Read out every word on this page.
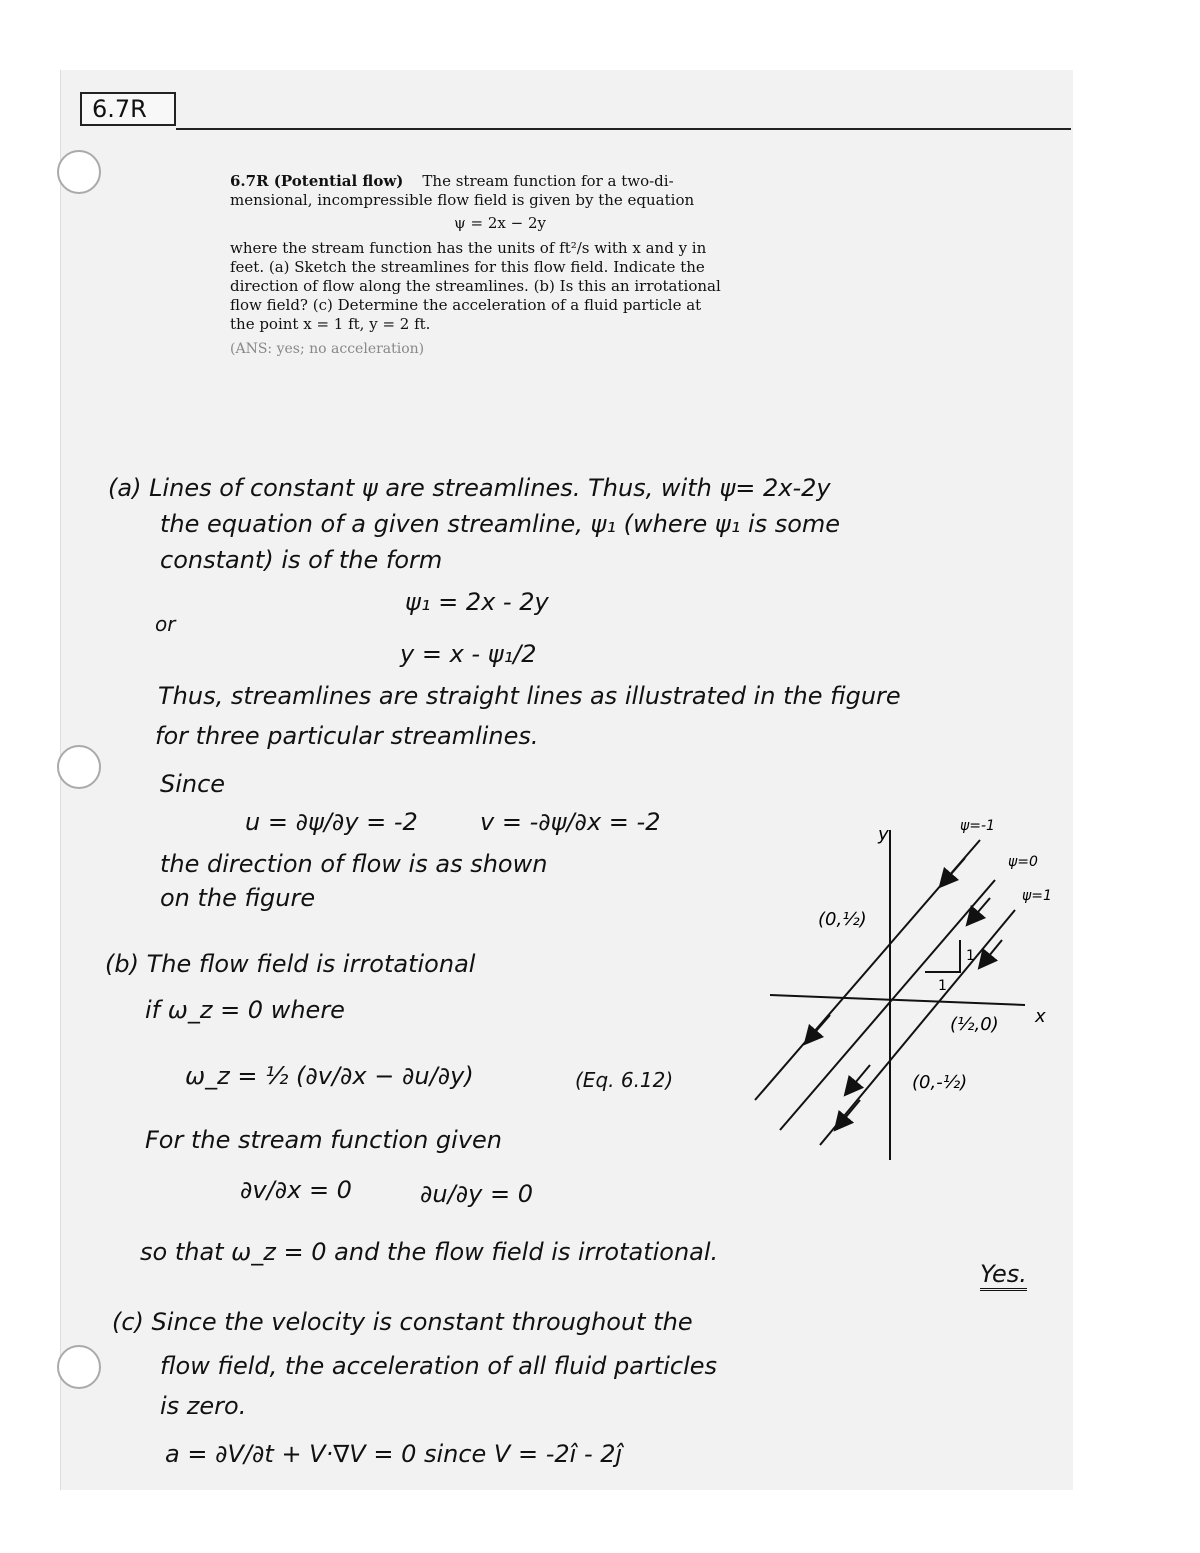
6.7R
6.7R (Potential flow) The stream function for a two-di-
mensional, incompressible flow field is given by the equation
ψ = 2x − 2y
where the stream function has the units of ft²/s with x and y in
feet. (a) Sketch the streamlines for this flow field. Indicate the
direction of flow along the streamlines. (b) Is this an irrotational
flow field? (c) Determine the acceleration of a fluid particle at
the point x = 1 ft, y = 2 ft.
(ANS: yes; no acceleration)
(a) Lines of constant ψ are streamlines. Thus, with ψ= 2x-2y
the equation of a given streamline, ψ₁ (where ψ₁ is some
constant) is of the form
ψ₁ = 2x - 2y
or
y = x - ψ₁/2
Thus, streamlines are straight lines as illustrated in the figure
for three particular streamlines.
Since
u = ∂ψ/∂y = -2	v = -∂ψ/∂x = -2
the direction of flow is as shown
on the figure
(b) The flow field is irrotational
if ω_z = 0 where
ω_z = ½ (∂v/∂x − ∂u/∂y)	(Eq. 6.12)
For the stream function given
∂v/∂x = 0	∂u/∂y = 0
so that ω_z = 0 and the flow field is irrotational.
Yes.
(c) Since the velocity is constant throughout the
flow field, the acceleration of all fluid particles
is zero.
a = ∂V/∂t + V·∇V = 0 since V = -2î - 2ĵ
y
x
ψ=-1
ψ=0
ψ=1
(0,½)
(½,0)
(0,-½)
1
1
